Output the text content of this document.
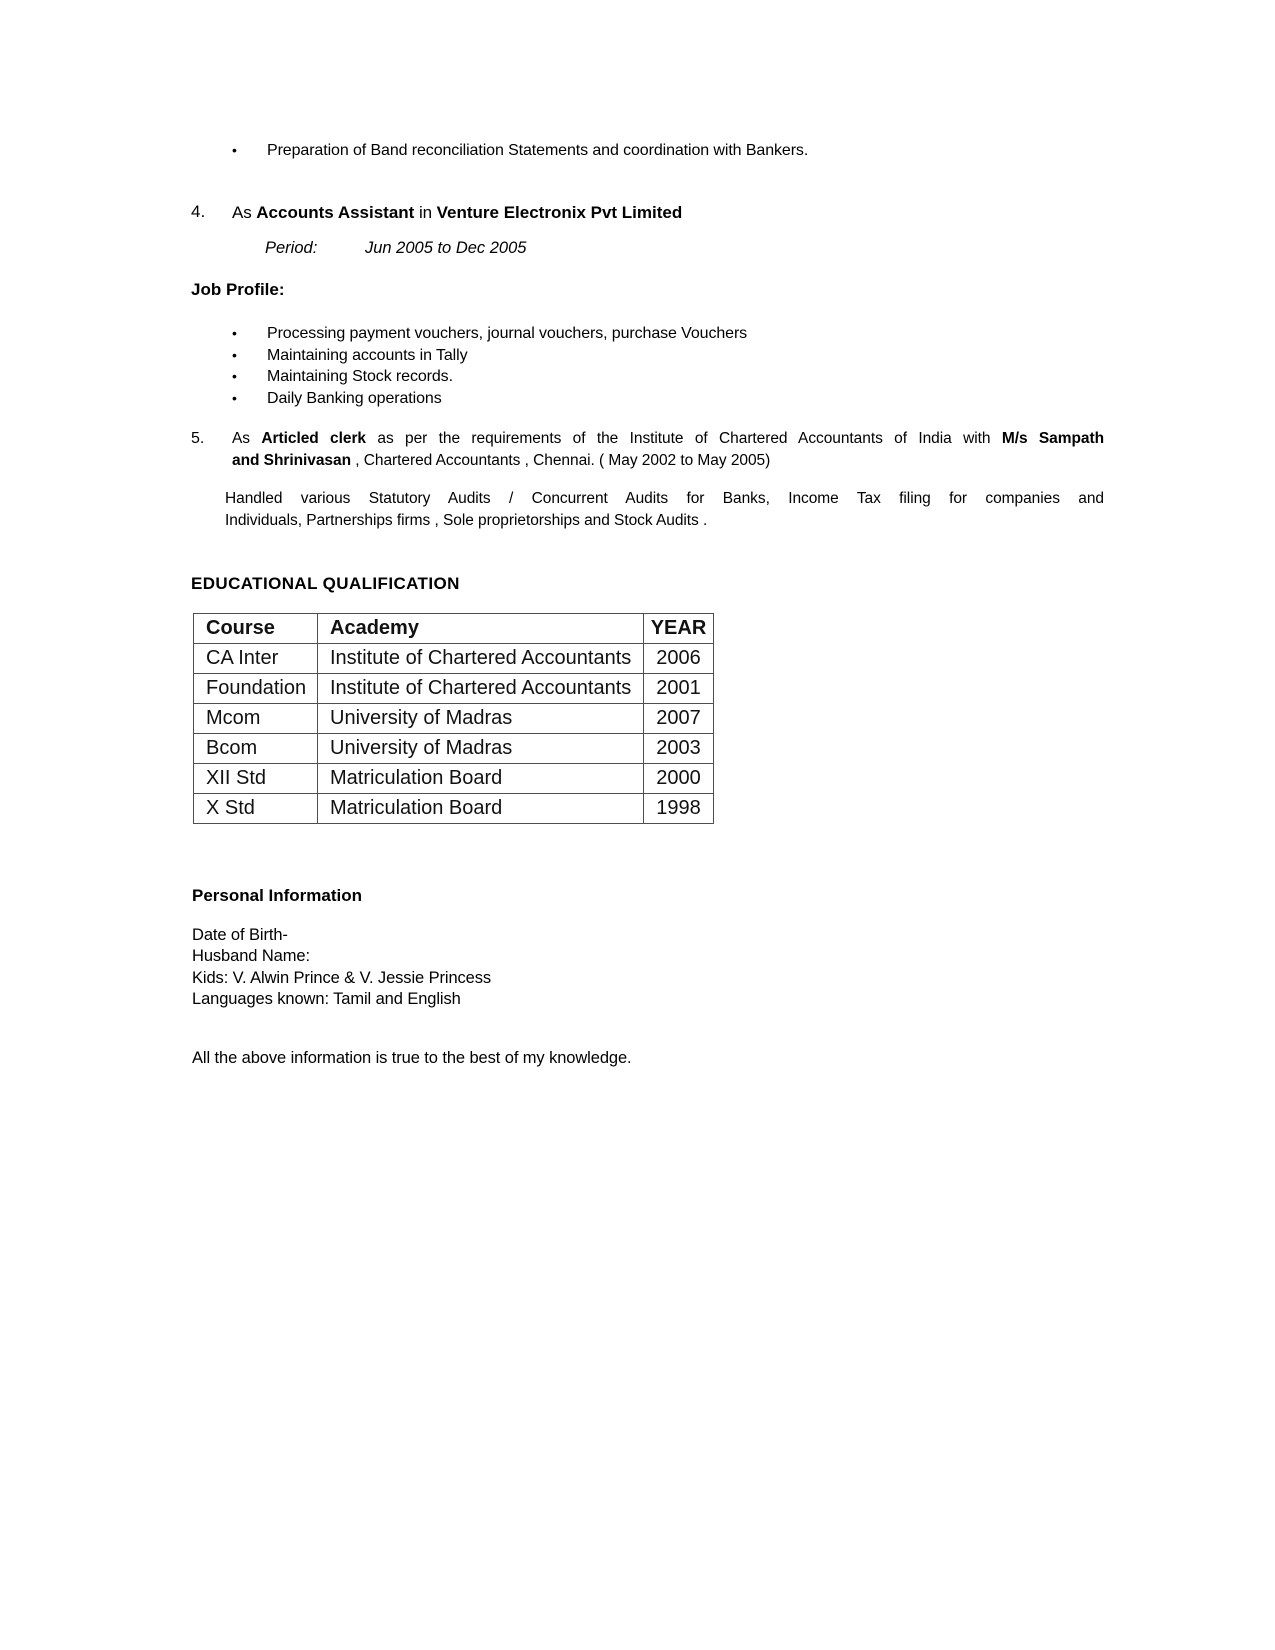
•	Preparation of Band reconciliation Statements and coordination with Bankers.
4.	As Accounts Assistant in Venture Electronix Pvt Limited
Period:	Jun 2005 to Dec 2005
Job Profile:
•	Processing payment vouchers, journal vouchers, purchase Vouchers
•	Maintaining accounts in Tally
•	Maintaining Stock records.
•	Daily Banking operations
5.	As Articled clerk as per the requirements of the Institute of Chartered Accountants of India with M/s Sampath
and Shrinivasan , Chartered Accountants , Chennai. ( May 2002 to May 2005)
Handled various Statutory Audits / Concurrent Audits for Banks, Income Tax filing for companies and
Individuals, Partnerships firms , Sole proprietorships and Stock Audits .
EDUCATIONAL QUALIFICATION
Course	Academy	YEAR
CA Inter	Institute of Chartered Accountants	2006
Foundation	Institute of Chartered Accountants	2001
Mcom	University of Madras	2007
Bcom	University of Madras	2003
XII Std	Matriculation Board	2000
X Std	Matriculation Board	1998
Personal Information
Date of Birth-
Husband Name:
Kids: V. Alwin Prince & V. Jessie Princess
Languages known: Tamil and English
All the above information is true to the best of my knowledge.
